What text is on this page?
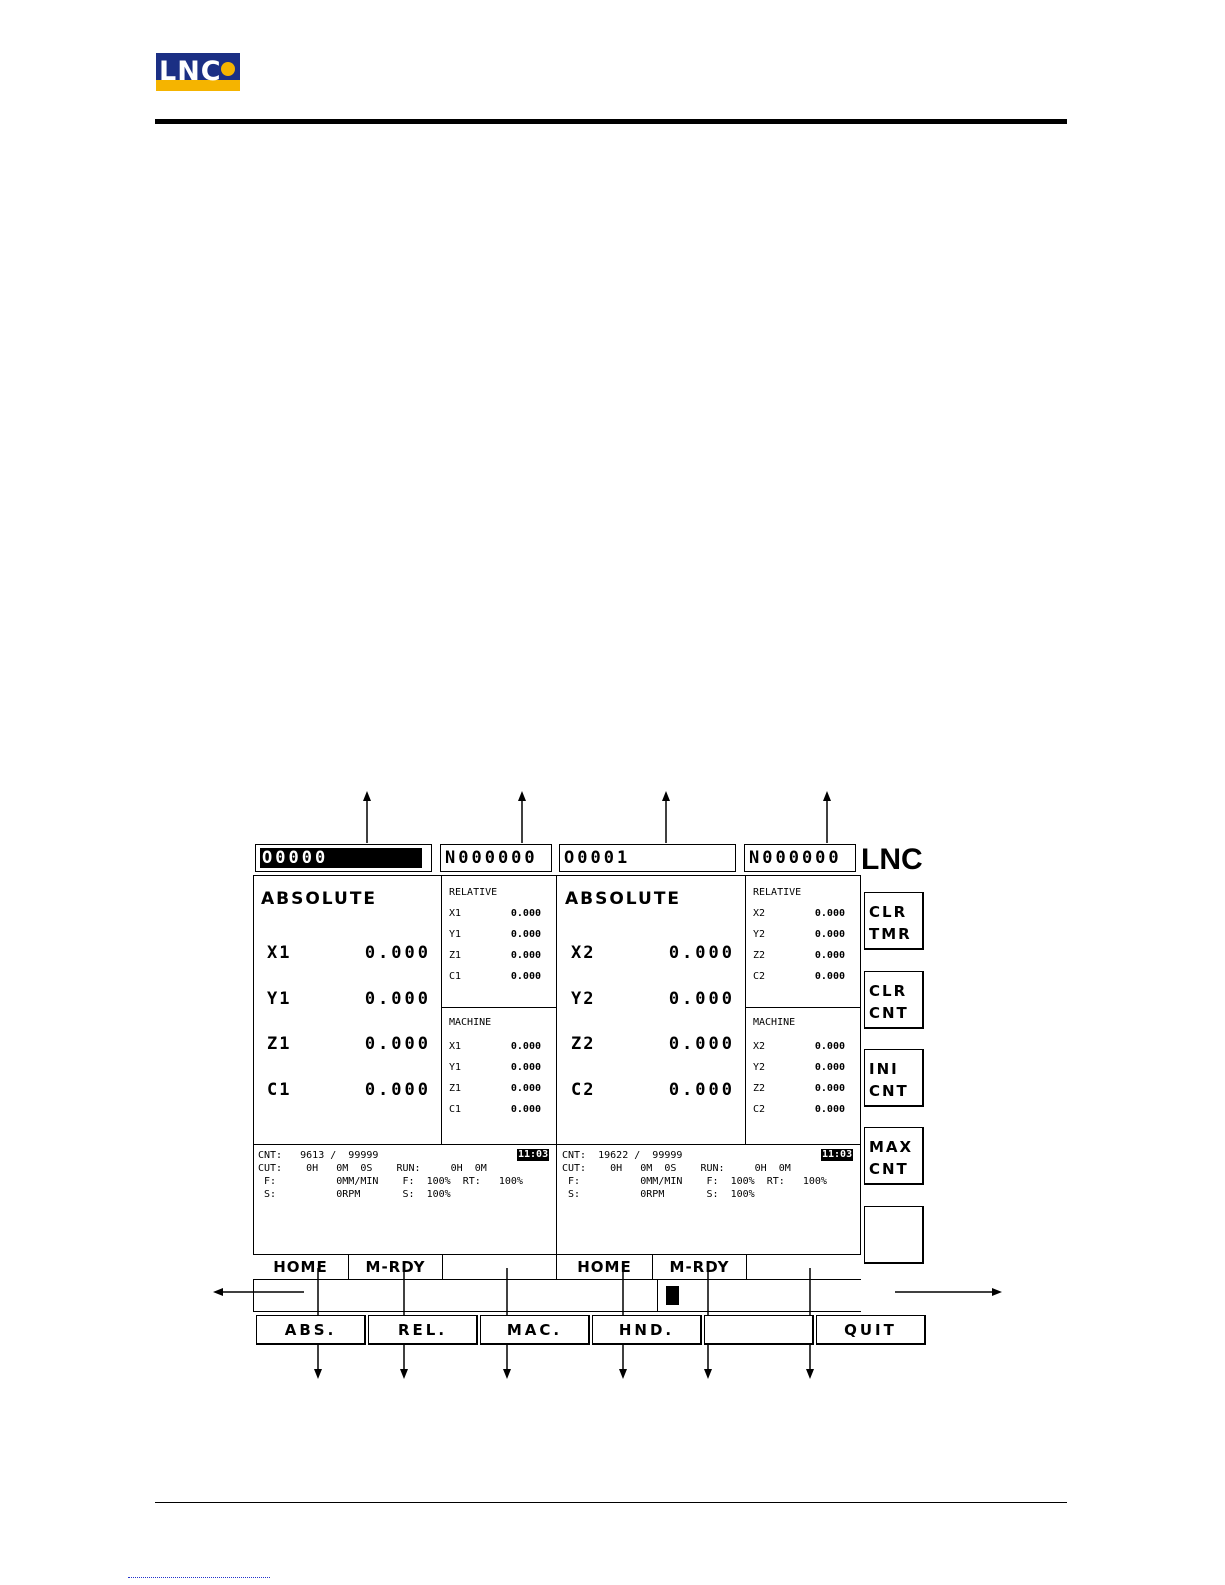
LNC
O0000	N000000	O0001	N000000 LNC
ABSOLUTE
X1	0.000
Y1	0.000
Z1	0.000
C1	0.000
RELATIVE
X1	0.000
Y1	0.000
Z1	0.000
C1	0.000
MACHINE
X1	0.000
Y1	0.000
Z1	0.000
C1	0.000
CNT:   9613 /  99999
CUT:    0H   0M  0S    RUN:     0H  0M
F:          0MM/MIN    F:  100%  RT:   100%
S:          0RPM       S:  100%
11:03
ABSOLUTE
X2	0.000
Y2	0.000
Z2	0.000
C2	0.000
RELATIVE
X2	0.000
Y2	0.000
Z2	0.000
C2	0.000
MACHINE
X2	0.000
Y2	0.000
Z2	0.000
C2	0.000
CNT:  19622 /  99999
CUT:    0H   0M  0S    RUN:     0H  0M
F:          0MM/MIN    F:  100%  RT:   100%
S:          0RPM       S:  100%
11:03
CLR
TMR
CLR
CNT
INI
CNT
MAX
CNT
HOME	M-RDY	HOME	M-RDY
ABS.	REL.	MAC.	HND.	QUIT
